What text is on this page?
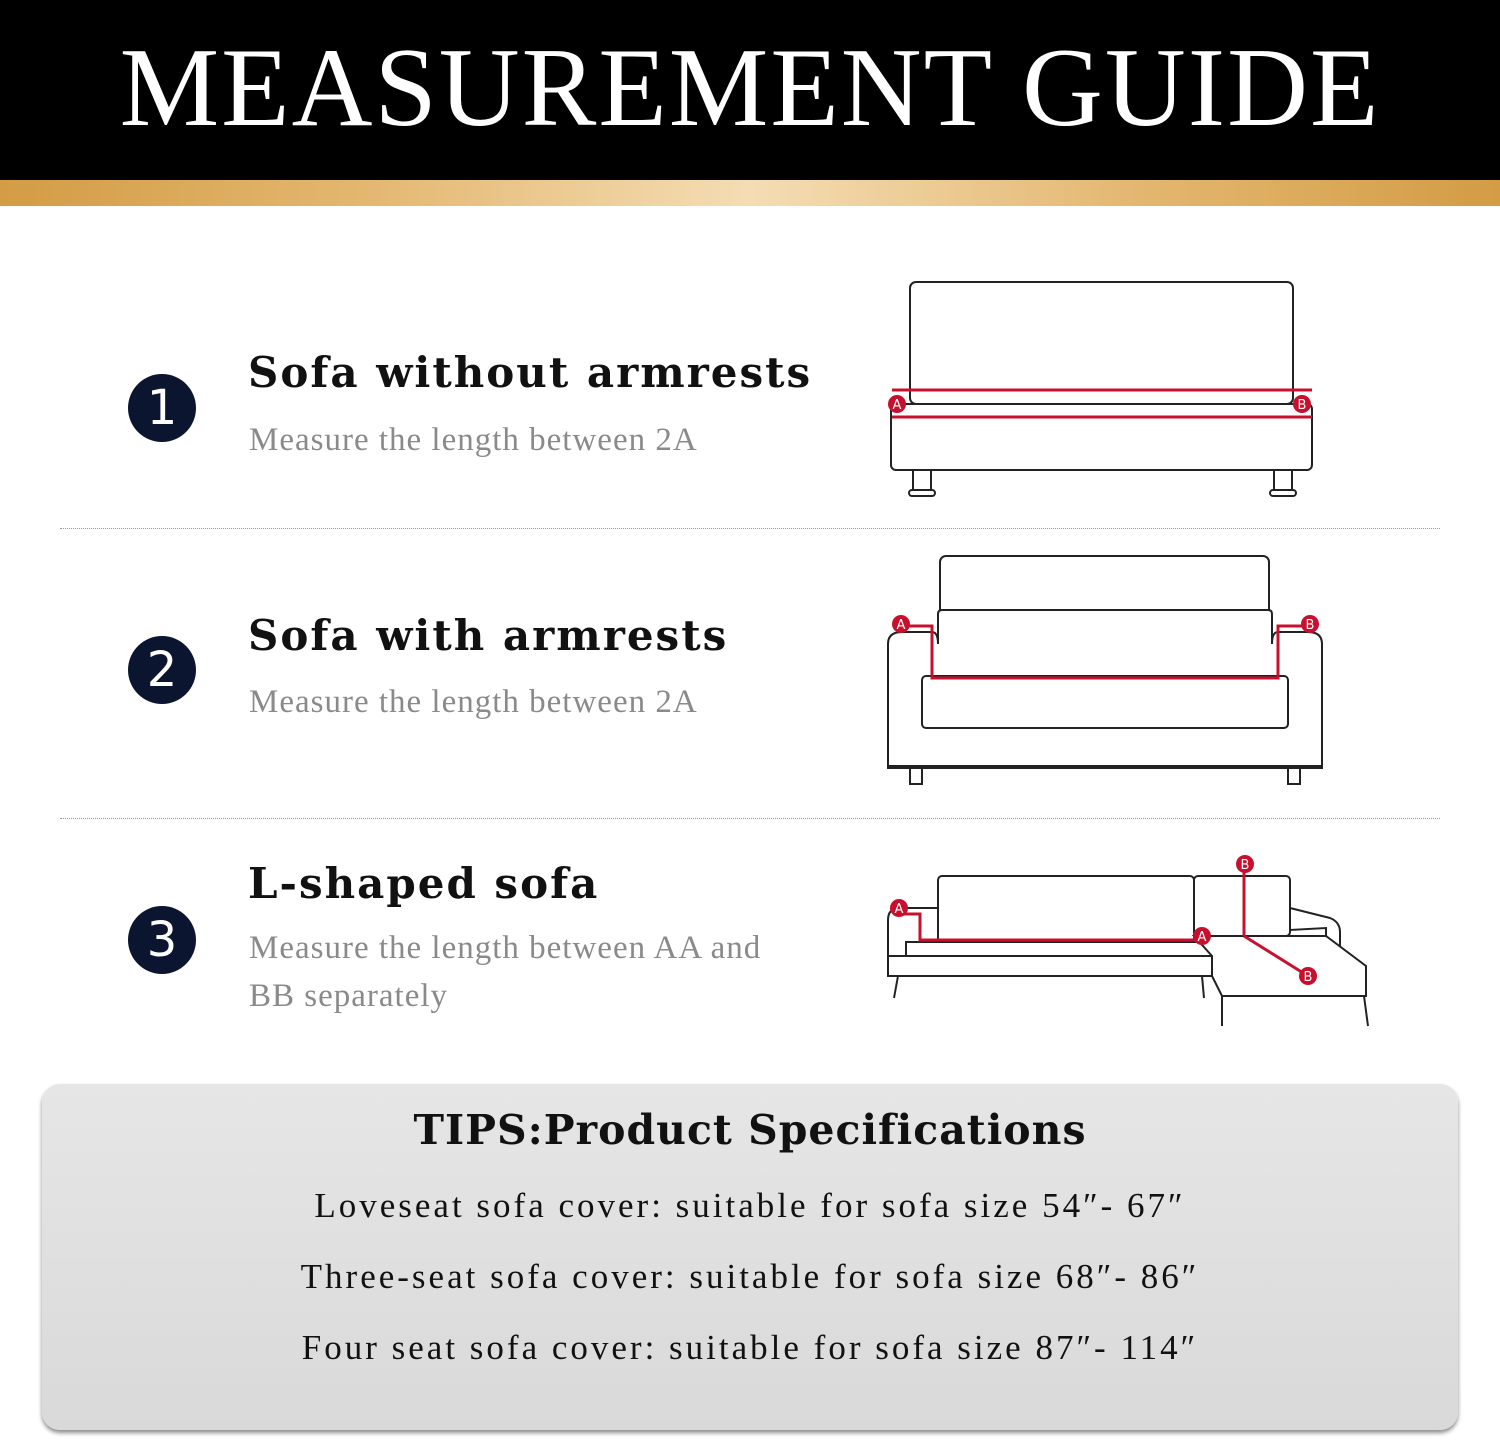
MEASUREMENT GUIDE
1
Sofa without armrests
Measure the length between 2A
A	B
2
Sofa with armrests
Measure the length between 2A
A	B
3
L-shaped sofa
Measure the length between AA and BB separately
A
A
B
B
TIPS:Product Specifications
Loveseat sofa cover: suitable for sofa size 54″- 67″
Three-seat sofa cover: suitable for sofa size 68″- 86″
Four seat sofa cover: suitable for sofa size 87″- 114″
